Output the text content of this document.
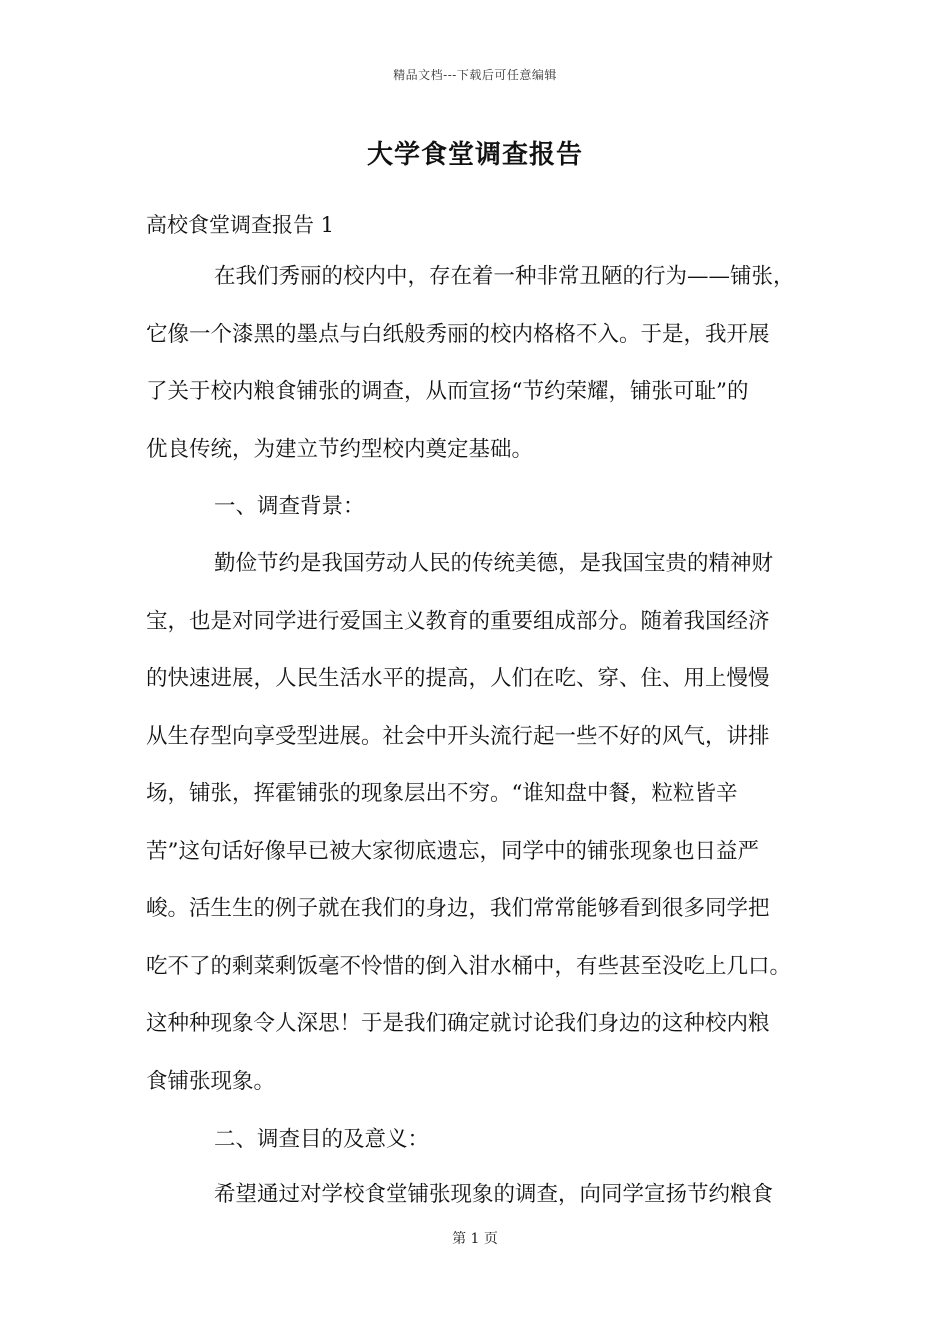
精品文档---下载后可任意编辑
大学食堂调查报告
高校食堂调查报告 1
在我们秀丽的校内中，存在着一种非常丑陋的行为——铺张，
它像一个漆黑的墨点与白纸般秀丽的校内格格不入。于是，我开展
了关于校内粮食铺张的调查，从而宣扬“节约荣耀，铺张可耻”的
优良传统，为建立节约型校内奠定基础。
一、调查背景：
勤俭节约是我国劳动人民的传统美德，是我国宝贵的精神财
宝，也是对同学进行爱国主义教育的重要组成部分。随着我国经济
的快速进展，人民生活水平的提高，人们在吃、穿、住、用上慢慢
从生存型向享受型进展。社会中开头流行起一些不好的风气，讲排
场，铺张，挥霍铺张的现象层出不穷。“谁知盘中餐，粒粒皆辛
苦”这句话好像早已被大家彻底遗忘，同学中的铺张现象也日益严
峻。活生生的例子就在我们的身边，我们常常能够看到很多同学把
吃不了的剩菜剩饭毫不怜惜的倒入泔水桶中，有些甚至没吃上几口。
这种种现象令人深思！于是我们确定就讨论我们身边的这种校内粮
食铺张现象。
二、调查目的及意义：
希望通过对学校食堂铺张现象的调查，向同学宣扬节约粮食
第 1 页
